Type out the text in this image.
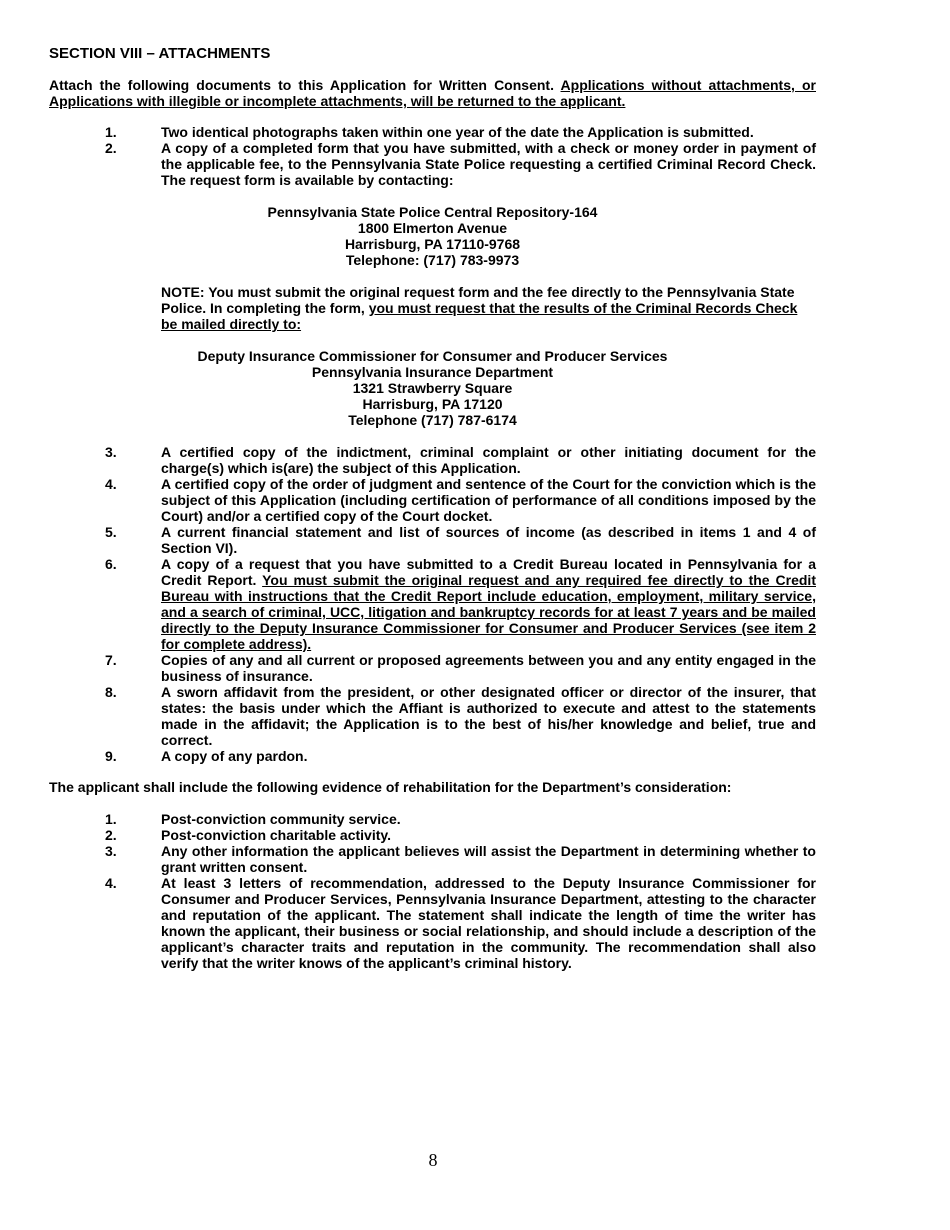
SECTION VIII – ATTACHMENTS

Attach the following documents to this Application for Written Consent. Applications without attachments, or Applications with illegible or incomplete attachments, will be returned to the applicant.

1.	Two identical photographs taken within one year of the date the Application is submitted.
2.	A copy of a completed form that you have submitted, with a check or money order in payment of the applicable fee, to the Pennsylvania State Police requesting a certified Criminal Record Check. The request form is available by contacting:
Pennsylvania State Police Central Repository-164
1800 Elmerton Avenue
Harrisburg, PA 17110-9768
Telephone: (717) 783-9973

NOTE: You must submit the original request form and the fee directly to the Pennsylvania State Police. In completing the form, you must request that the results of the Criminal Records Check be mailed directly to:

Deputy Insurance Commissioner for Consumer and Producer Services
Pennsylvania Insurance Department
1321 Strawberry Square
Harrisburg, PA 17120
Telephone (717) 787-6174
3.	A certified copy of the indictment, criminal complaint or other initiating document for the charge(s) which is(are) the subject of this Application.
4.	A certified copy of the order of judgment and sentence of the Court for the conviction which is the subject of this Application (including certification of performance of all conditions imposed by the Court) and/or a certified copy of the Court docket.
5.	A current financial statement and list of sources of income (as described in items 1 and 4 of Section VI).
6.	A copy of a request that you have submitted to a Credit Bureau located in Pennsylvania for a Credit Report. You must submit the original request and any required fee directly to the Credit Bureau with instructions that the Credit Report include education, employment, military service, and a search of criminal, UCC, litigation and bankruptcy records for at least 7 years and be mailed directly to the Deputy Insurance Commissioner for Consumer and Producer Services (see item 2 for complete address).
7.	Copies of any and all current or proposed agreements between you and any entity engaged in the business of insurance.
8.	A sworn affidavit from the president, or other designated officer or director of the insurer, that states: the basis under which the Affiant is authorized to execute and attest to the statements made in the affidavit; the Application is to the best of his/her knowledge and belief, true and correct.
9.	A copy of any pardon.

The applicant shall include the following evidence of rehabilitation for the Department’s consideration:

1.	Post-conviction community service.
2.	Post-conviction charitable activity.
3.	Any other information the applicant believes will assist the Department in determining whether to grant written consent.
4.	At least 3 letters of recommendation, addressed to the Deputy Insurance Commissioner for Consumer and Producer Services, Pennsylvania Insurance Department, attesting to the character and reputation of the applicant. The statement shall indicate the length of time the writer has known the applicant, their business or social relationship, and should include a description of the applicant’s character traits and reputation in the community. The recommendation shall also verify that the writer knows of the applicant’s criminal history.
8
